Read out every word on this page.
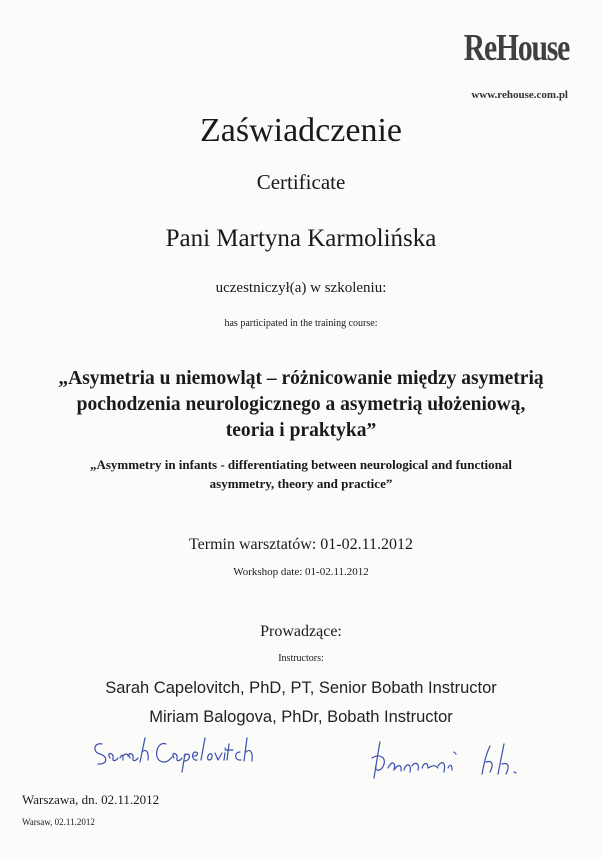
ReHouse
www.rehouse.com.pl
Zaświadczenie
Certificate
Pani Martyna Karmolińska
uczestniczył(a) w szkoleniu:
has participated in the training course:
„Asymetria u niemowląt – różnicowanie między asymetrią
pochodzenia neurologicznego a asymetrią ułożeniową,
teoria i praktyka”
„Asymmetry in infants - differentiating between neurological and functional
asymmetry, theory and practice”
Termin warsztatów: 01-02.11.2012
Workshop date: 01-02.11.2012
Prowadzące:
Instructors:
Sarah Capelovitch, PhD, PT, Senior Bobath Instructor
Miriam Balogova, PhDr, Bobath Instructor
Warszawa, dn. 02.11.2012
Warsaw, 02.11.2012
